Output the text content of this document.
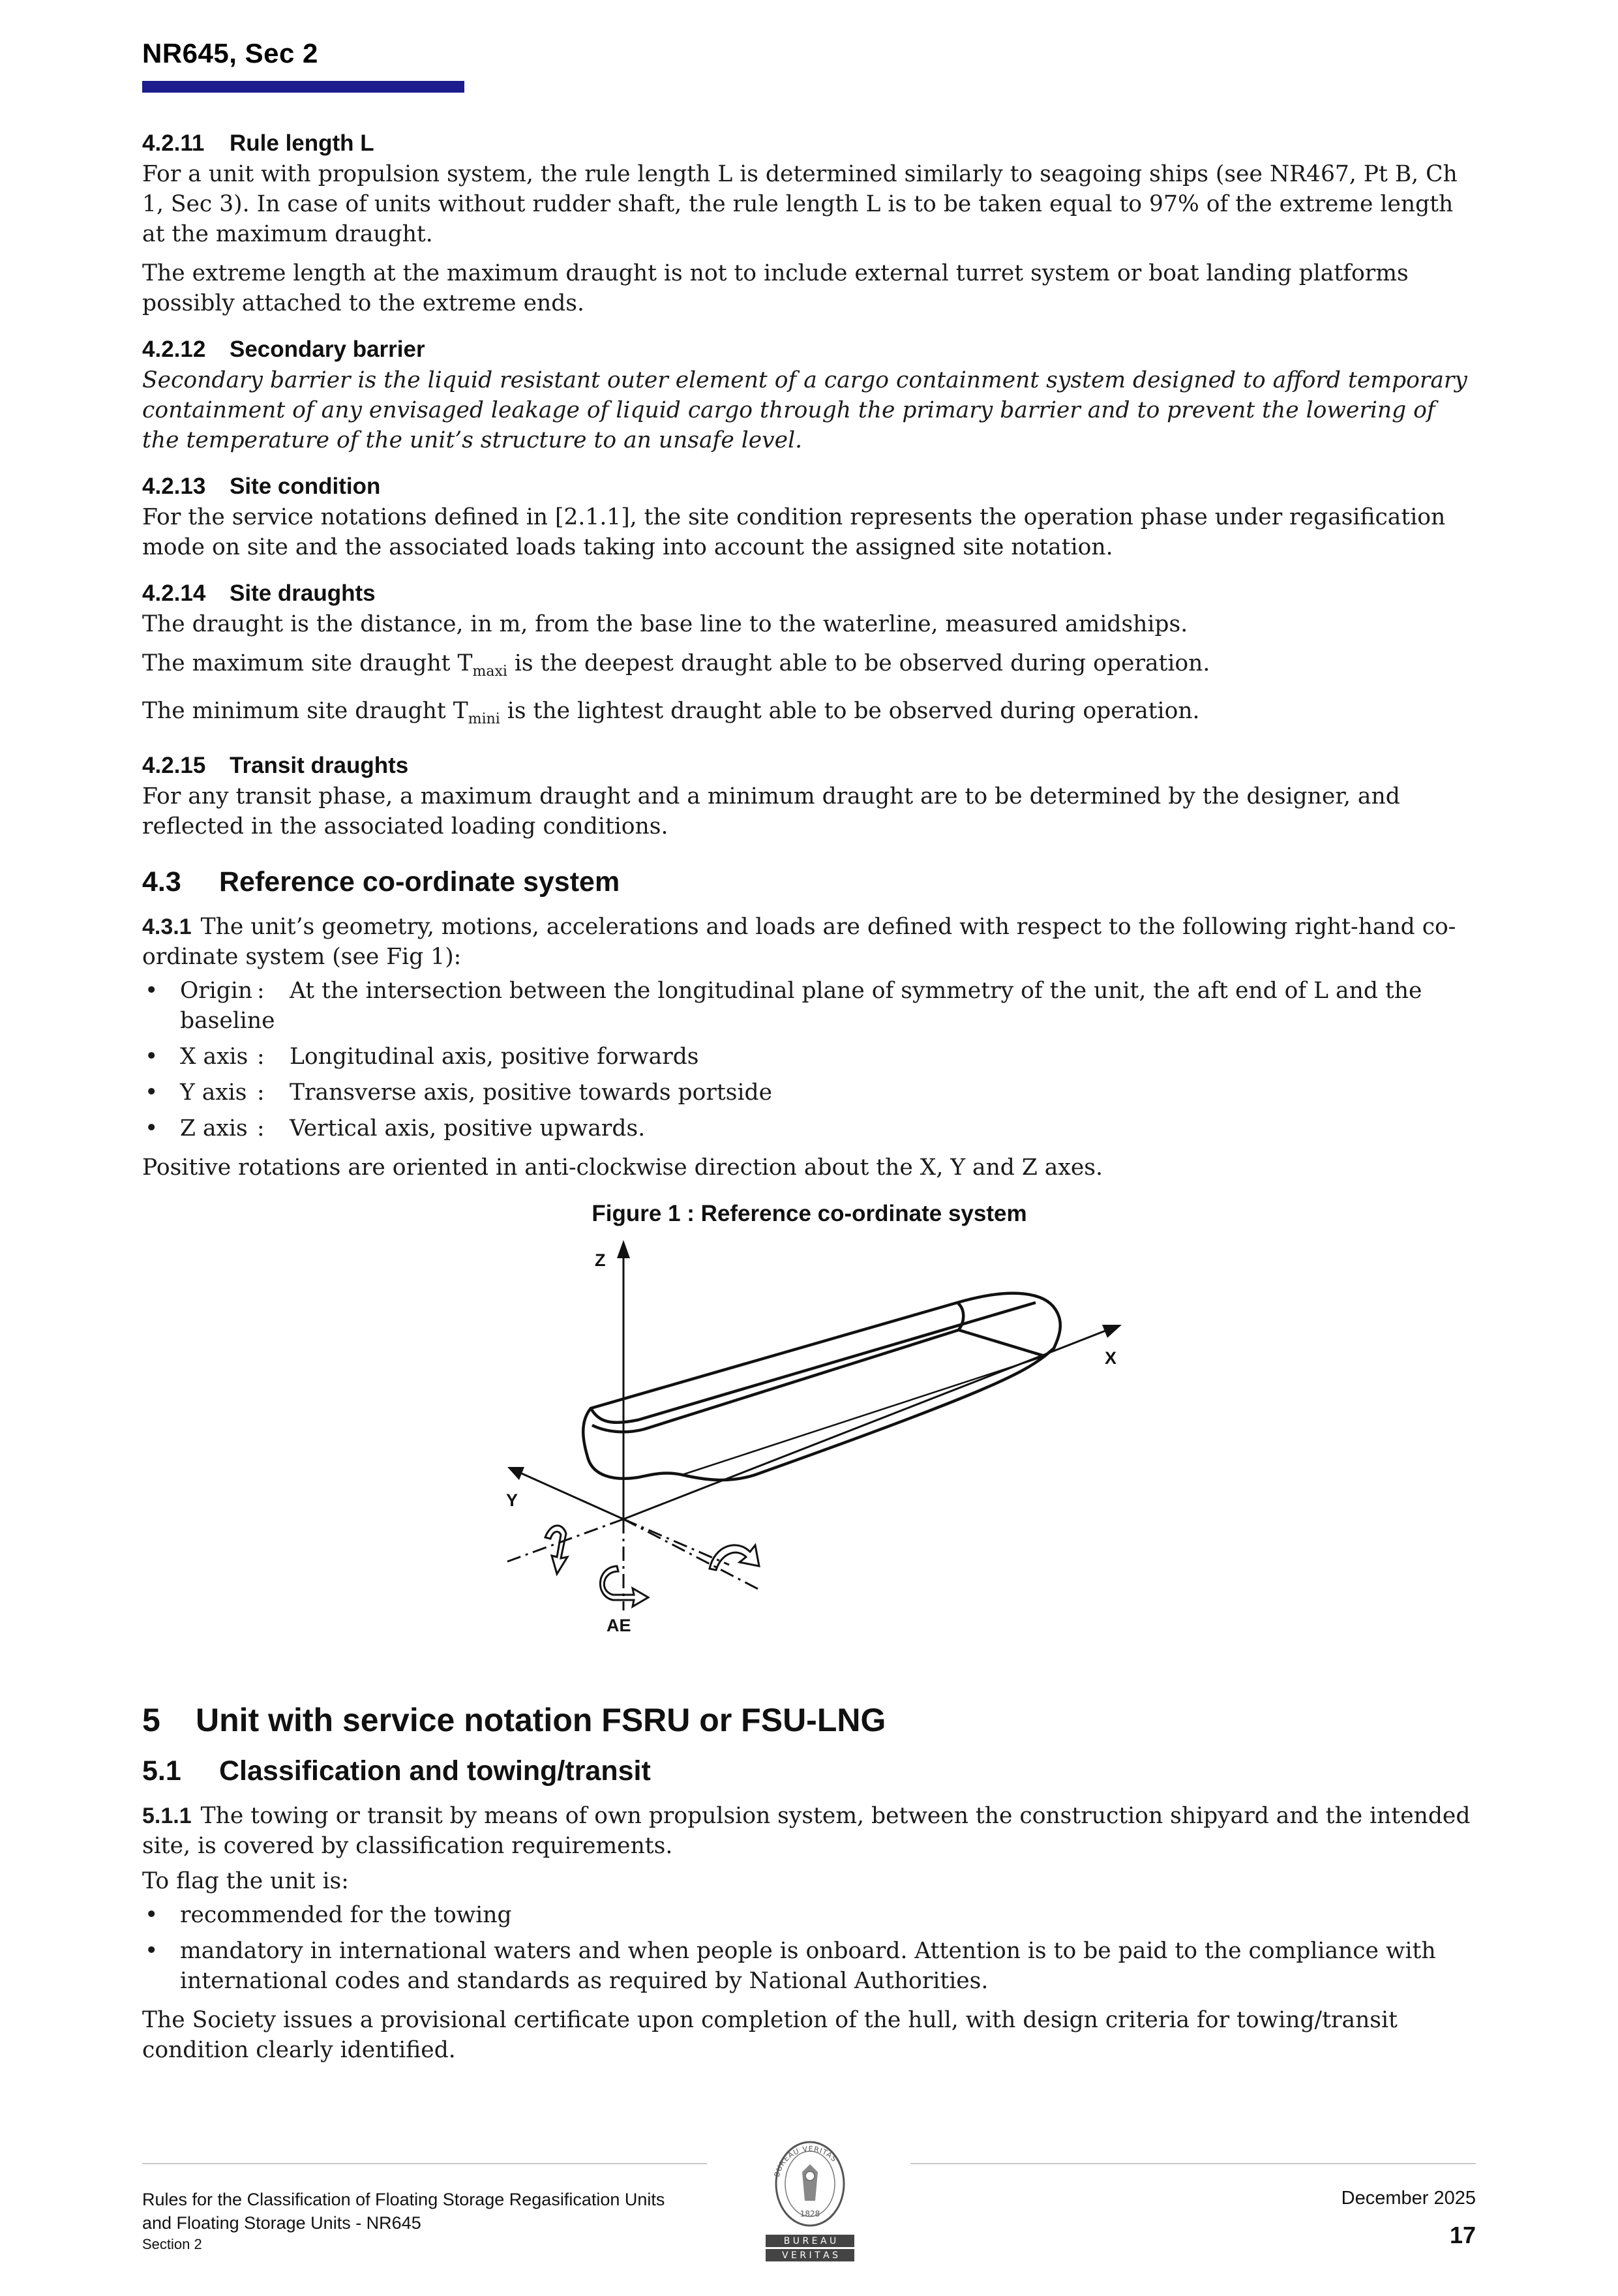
NR645, Sec 2
4.2.11 Rule length L

For a unit with propulsion system, the rule length L is determined similarly to seagoing ships (see NR467, Pt B, Ch 1, Sec 3). In case of units without rudder shaft, the rule length L is to be taken equal to 97% of the extreme length at the maximum draught.

The extreme length at the maximum draught is not to include external turret system or boat landing platforms possibly attached to the extreme ends.

4.2.12 Secondary barrier

Secondary barrier is the liquid resistant outer element of a cargo containment system designed to afford temporary containment of any envisaged leakage of liquid cargo through the primary barrier and to prevent the lowering of the temperature of the unit’s structure to an unsafe level.

4.2.13 Site condition

For the service notations defined in [2.1.1], the site condition represents the operation phase under regasification mode on site and the associated loads taking into account the assigned site notation.

4.2.14 Site draughts

The draught is the distance, in m, from the base line to the waterline, measured amidships.

The maximum site draught $T_{maxi}$ is the deepest draught able to be observed during operation.

The minimum site draught $T_{mini}$ is the lightest draught able to be observed during operation.

4.2.15 Transit draughts

For any transit phase, a maximum draught and a minimum draught are to be determined by the designer, and reflected in the associated loading conditions.

4.3 Reference co-ordinate system

4.3.1 The unit’s geometry, motions, accelerations and loads are defined with respect to the following right-hand co-ordinate system (see Fig 1):

• Origin : At the intersection between the longitudinal plane of symmetry of the unit, the aft end of L and the baseline
• X axis : Longitudinal axis, positive forwards
• Y axis : Transverse axis, positive towards portside
• Z axis : Vertical axis, positive upwards.

Positive rotations are oriented in anti-clockwise direction about the X, Y and Z axes.

Figure 1 : Reference co-ordinate system
Z
AE
X
Y
5 Unit with service notation FSRU or FSU-LNG
5.1 Classification and towing/transit

5.1.1 The towing or transit by means of own propulsion system, between the construction shipyard and the intended site, is covered by classification requirements.

To flag the unit is:

• recommended for the towing
• mandatory in international waters and when people is onboard. Attention is to be paid to the compliance with international codes and standards as required by National Authorities.

The Society issues a provisional certificate upon completion of the hull, with design criteria for towing/transit condition clearly identified.

Rules for the Classification of Floating Storage Regasification Units
and Floating Storage Units - NR645
Section 2
BUREAU VERITAS
1828
B U R E A U
V E R I T A S
December 2025
17
